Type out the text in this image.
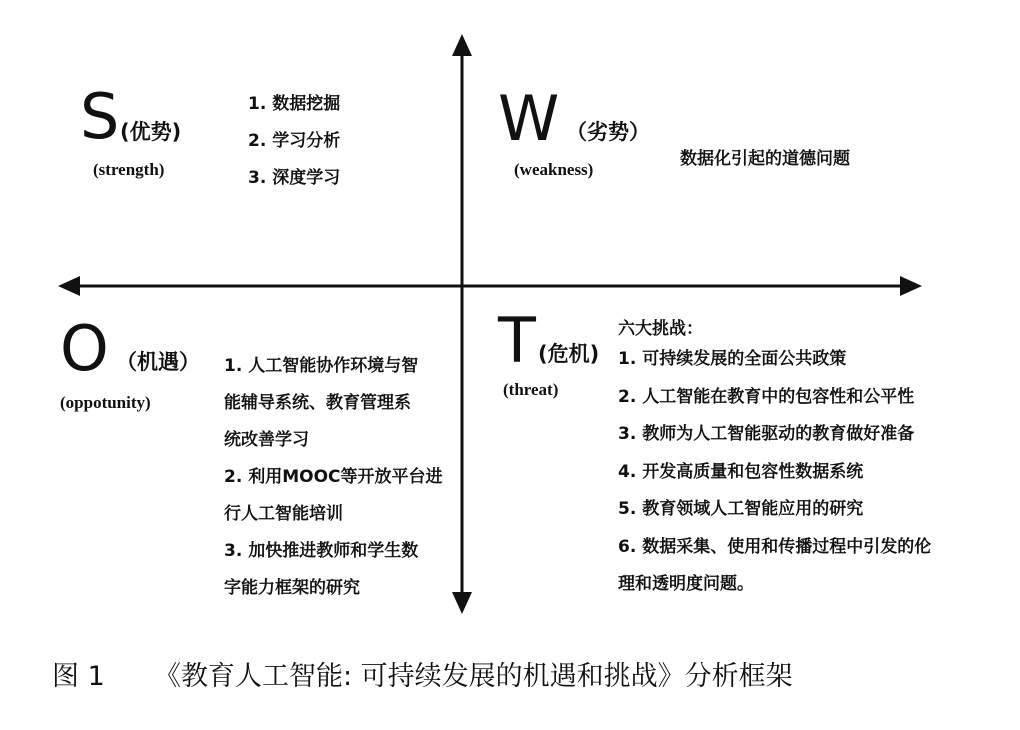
S (优势)
(strength)
1. 数据挖掘
2. 学习分析
3. 深度学习
W （劣势）
(weakness)
数据化引起的道德问题
O （机遇）
(oppotunity)
1. 人工智能协作环境与智
能辅导系统、教育管理系
统改善学习
2. 利用MOOC等开放平台进
行人工智能培训
3. 加快推进教师和学生数
字能力框架的研究
T (危机)
(threat)
六大挑战：
1. 可持续发展的全面公共政策
2. 人工智能在教育中的包容性和公平性
3. 教师为人工智能驱动的教育做好准备
4. 开发高质量和包容性数据系统
5. 教育领域人工智能应用的研究
6. 数据采集、使用和传播过程中引发的伦
理和透明度问题。
图 1 《教育人工智能: 可持续发展的机遇和挑战》分析框架
